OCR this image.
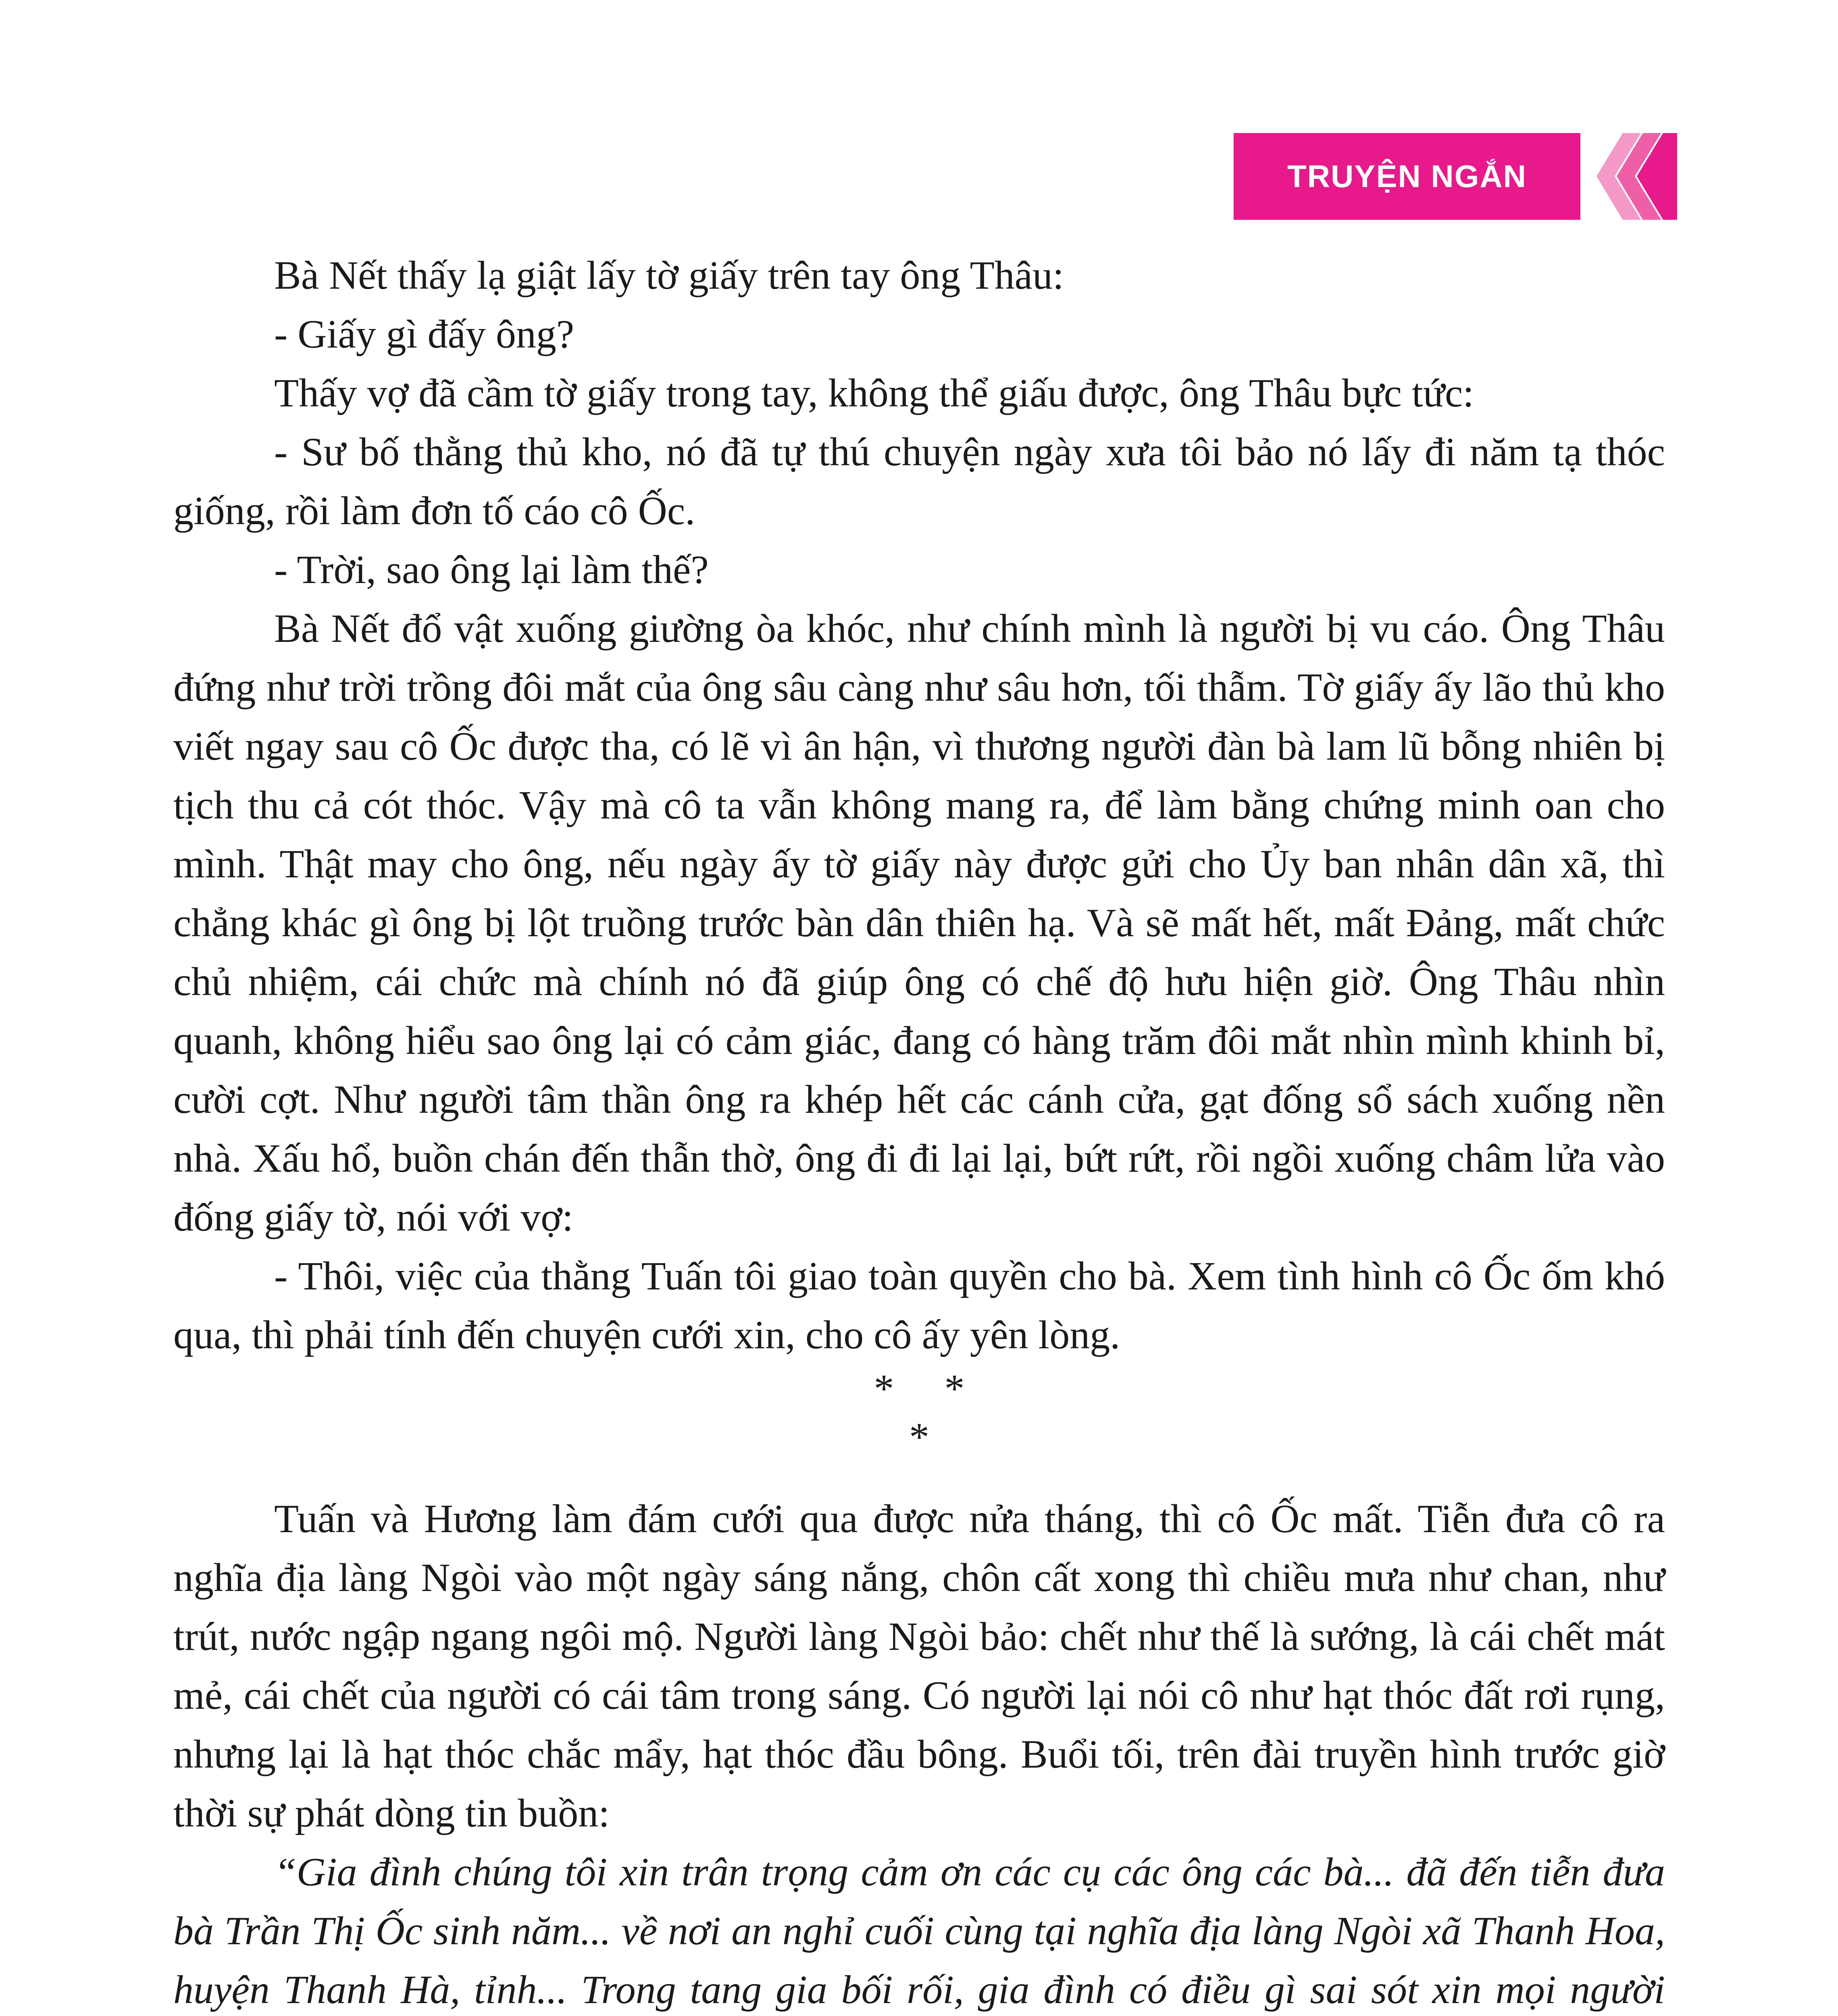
TRUYỆN NGẮN

Bà Nết thấy lạ giật lấy tờ giấy trên tay ông Thâu:

- Giấy gì đấy ông?

Thấy vợ đã cầm tờ giấy trong tay, không thể giấu được, ông Thâu bực tức:

- Sư bố thằng thủ kho, nó đã tự thú chuyện ngày xưa tôi bảo nó lấy đi năm tạ thóc giống, rồi làm đơn tố cáo cô Ốc.

- Trời, sao ông lại làm thế?

Bà Nết đổ vật xuống giường òa khóc, như chính mình là người bị vu cáo. Ông Thâu đứng như trời trồng đôi mắt của ông sâu càng như sâu hơn, tối thẫm. Tờ giấy ấy lão thủ kho viết ngay sau cô Ốc được tha, có lẽ vì ân hận, vì thương người đàn bà lam lũ bỗng nhiên bị tịch thu cả cót thóc. Vậy mà cô ta vẫn không mang ra, để làm bằng chứng minh oan cho mình. Thật may cho ông, nếu ngày ấy tờ giấy này được gửi cho Ủy ban nhân dân xã, thì chẳng khác gì ông bị lột truồng trước bàn dân thiên hạ. Và sẽ mất hết, mất Đảng, mất chức chủ nhiệm, cái chức mà chính nó đã giúp ông có chế độ hưu hiện giờ. Ông Thâu nhìn quanh, không hiểu sao ông lại có cảm giác, đang có hàng trăm đôi mắt nhìn mình khinh bỉ, cười cợt. Như người tâm thần ông ra khép hết các cánh cửa, gạt đống sổ sách xuống nền nhà. Xấu hổ, buồn chán đến thẫn thờ, ông đi đi lại lại, bứt rứt, rồi ngồi xuống châm lửa vào đống giấy tờ, nói với vợ:

- Thôi, việc của thằng Tuấn tôi giao toàn quyền cho bà. Xem tình hình cô Ốc ốm khó qua, thì phải tính đến chuyện cưới xin, cho cô ấy yên lòng.

*     *
*

Tuấn và Hương làm đám cưới qua được nửa tháng, thì cô Ốc mất. Tiễn đưa cô ra nghĩa địa làng Ngòi vào một ngày sáng nắng, chôn cất xong thì chiều mưa như chan, như trút, nước ngập ngang ngôi mộ. Người làng Ngòi bảo: chết như thế là sướng, là cái chết mát mẻ, cái chết của người có cái tâm trong sáng. Có người lại nói cô như hạt thóc đất rơi rụng, nhưng lại là hạt thóc chắc mẩy, hạt thóc đầu bông. Buổi tối, trên đài truyền hình trước giờ thời sự phát dòng tin buồn:

“Gia đình chúng tôi xin trân trọng cảm ơn các cụ các ông các bà... đã đến tiễn đưa bà Trần Thị Ốc sinh năm... về nơi an nghỉ cuối cùng tại nghĩa địa làng Ngòi xã Thanh Hoa, huyện Thanh Hà, tỉnh... Trong tang gia bối rối, gia đình có điều gì sai sót xin mọi người
